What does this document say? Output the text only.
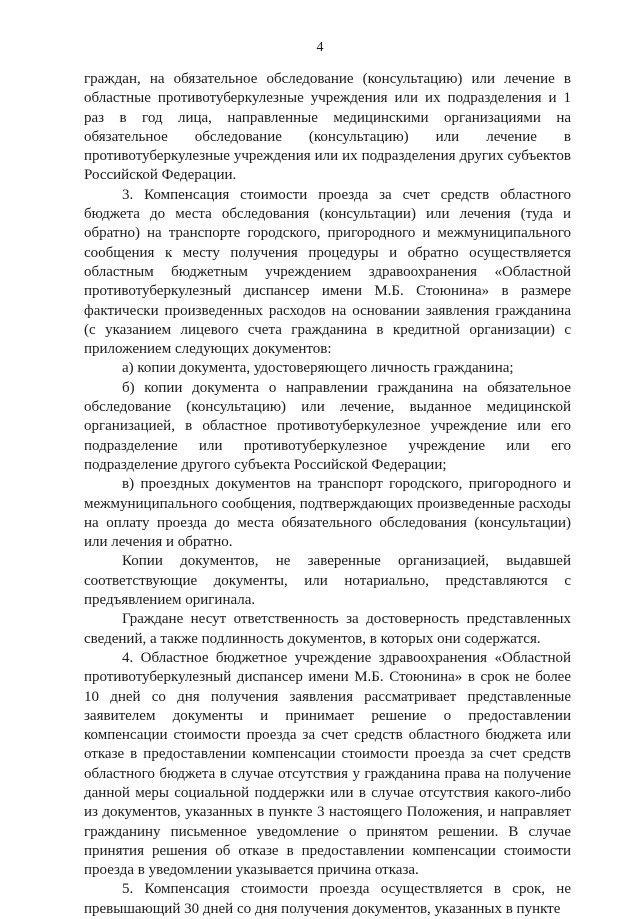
4

граждан, на обязательное обследование (консультацию) или лечение в областные противотуберкулезные учреждения или их подразделения и 1 раз в год лица, направленные медицинскими организациями на обязательное обследование (консультацию) или лечение в противотуберкулезные учреждения или их подразделения других субъектов Российской Федерации.

3. Компенсация стоимости проезда за счет средств областного бюджета до места обследования (консультации) или лечения (туда и обратно) на транспорте городского, пригородного и межмуниципального сообщения к месту получения процедуры и обратно осуществляется областным бюджетным учреждением здравоохранения «Областной противотуберкулезный диспансер имени М.Б. Стоюнина» в размере фактически произведенных расходов на основании заявления гражданина (с указанием лицевого счета гражданина в кредитной организации) с приложением следующих документов:

а) копии документа, удостоверяющего личность гражданина;

б) копии документа о направлении гражданина на обязательное обследование (консультацию) или лечение, выданное медицинской организацией, в областное противотуберкулезное учреждение или его подразделение или противотуберкулезное учреждение или его подразделение другого субъекта Российской Федерации;

в) проездных документов на транспорт городского, пригородного и межмуниципального сообщения, подтверждающих произведенные расходы на оплату проезда до места обязательного обследования (консультации) или лечения и обратно.

Копии документов, не заверенные организацией, выдавшей соответствующие документы, или нотариально, представляются с предъявлением оригинала.

Граждане несут ответственность за достоверность представленных сведений, а также подлинность документов, в которых они содержатся.

4. Областное бюджетное учреждение здравоохранения «Областной противотуберкулезный диспансер имени М.Б. Стоюнина» в срок не более 10 дней со дня получения заявления рассматривает представленные заявителем документы и принимает решение о предоставлении компенсации стоимости проезда за счет средств областного бюджета или отказе в предоставлении компенсации стоимости проезда за счет средств областного бюджета в случае отсутствия у гражданина права на получение данной меры социальной поддержки или в случае отсутствия какого-либо из документов, указанных в пункте 3 настоящего Положения, и направляет гражданину письменное уведомление о принятом решении. В случае принятия решения об отказе в предоставлении компенсации стоимости проезда в уведомлении указывается причина отказа.

5. Компенсация стоимости проезда осуществляется в срок, не превышающий 30 дней со дня получения документов, указанных в пункте
